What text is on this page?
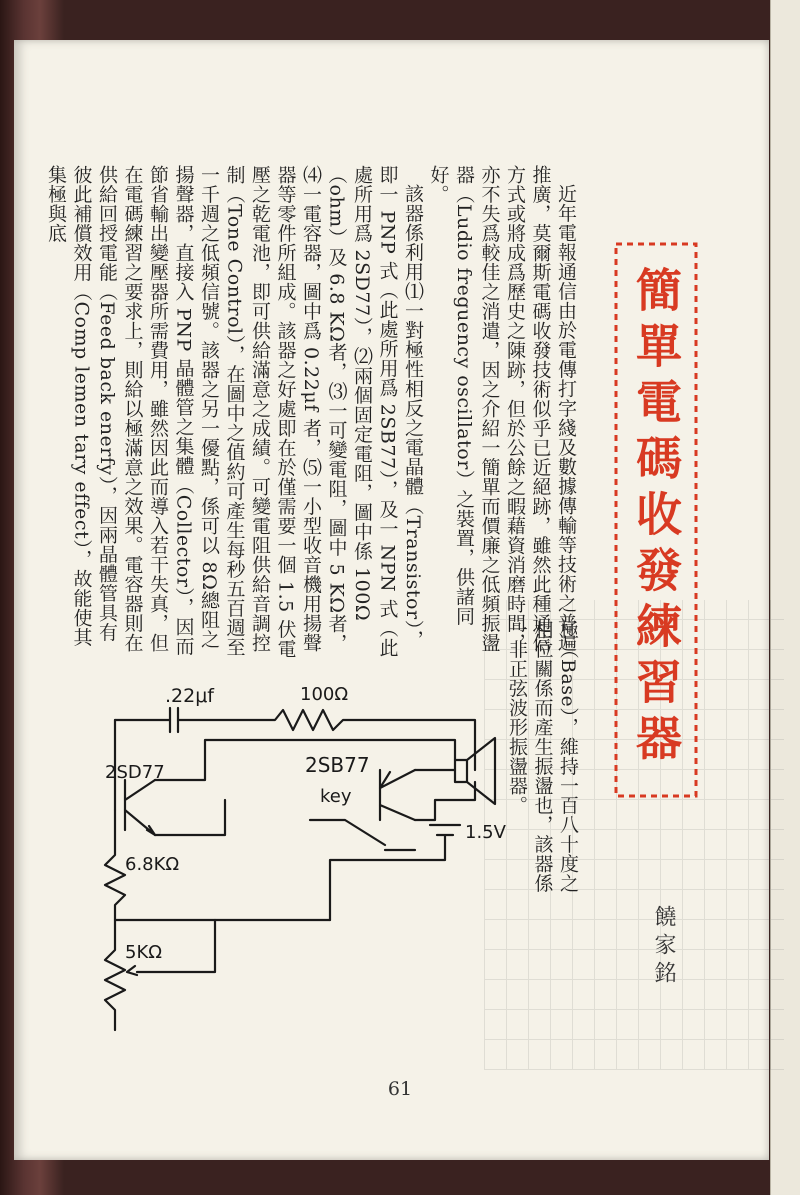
簡單電碼收發練習器

近年電報通信由於電傳打字綫及數據傳輸等技術之普遍推廣，莫爾斯電碼收發技術似乎已近絕跡，雖然此種通信方式或將成爲歷史之陳跡，但於公餘之暇藉資消磨時間，亦不失爲較佳之消遣，因之介紹一簡單而價廉之低頻振盪器（Ludio freguency oscillator）之裝置，供諸同好。

該器係利用⑴一對極性相反之電晶體（Transistor），即一 PNP 式（此處所用爲 2SB77），及一 NPN 式（此處所用爲 2SD77），⑵兩個固定電阻，圖中係 100Ω（ohm）及 6.8 KΩ者，⑶一可變電阻，圖中 5 KΩ者，⑷一電容器，圖中爲 0.22μf 者，⑸一小型收音機用揚聲器等零件所組成。該器之好處即在於僅需要一個 1.5 伏電壓之乾電池，即可供給滿意之成績。可變電阻供給音調控制（Tone Control），在圖中之值約可產生每秒五百週至一千週之低頻信號。該器之另一優點，係可以 8Ω總阻之揚聲器，直接入 PNP 晶體管之集體（Collector），因而節省輸出變壓器所需費用，雖然因此而導入若干失真，但在電碼練習之要求上，則給以極滿意之效果。電容器則在供給回授電能（Feed back enerfy），因兩晶體管具有彼此補償效用（Comp lemen tary effect），故能使其集極與底

極（Base），維持一百八十度之相位關係而產生振盪也，該器係一非正弦波形振盪器。
饒家銘
.22μf	100Ω
2SD77	2SB77
key
1.5V
6.8KΩ
5KΩ
61
